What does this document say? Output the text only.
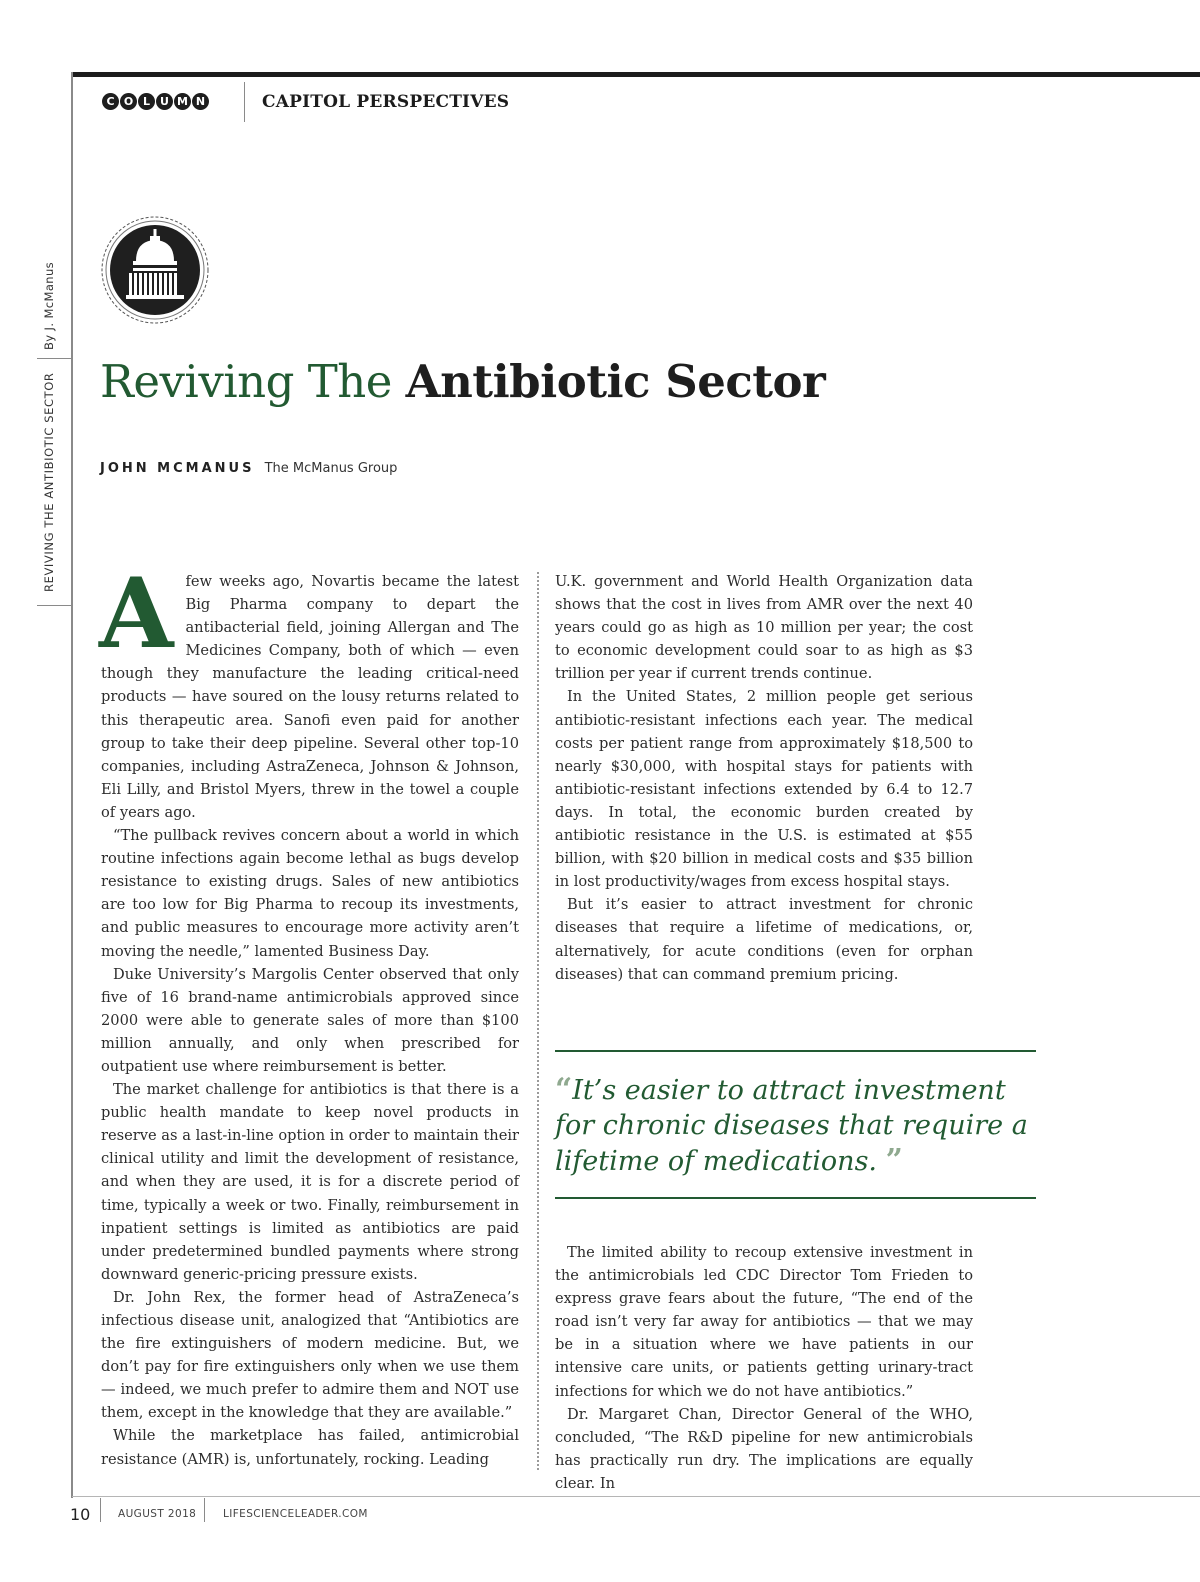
C O L U M N	CAPITOL PERSPECTIVES
By J. McManus
REVIVING THE ANTIBIOTIC SECTOR Reviving The Antibiotic Sector
JOHN MCMANUS The McManus Group

Afew weeks ago, Novartis became the latest Big Pharma company to depart the antibacterial field, joining Allergan and The Medicines Company, both of which — even though they manufacture the leading critical-need products — have soured on the lousy returns related to this therapeutic area. Sanofi even paid for another group to take their deep pipeline. Several other top-10 companies, including AstraZeneca, Johnson & Johnson, Eli Lilly, and Bristol Myers, threw in the towel a couple of years ago.

“The pullback revives concern about a world in which routine infections again become lethal as bugs develop resistance to existing drugs. Sales of new antibiotics are too low for Big Pharma to recoup its investments, and public measures to encourage more activity aren’t moving the needle,” lamented Business Day.

Duke University’s Margolis Center observed that only five of 16 brand-name antimicrobials approved since 2000 were able to generate sales of more than $100 million annually, and only when prescribed for outpatient use where reimbursement is better.

The market challenge for antibiotics is that there is a public health mandate to keep novel products in reserve as a last-in-line option in order to maintain their clinical utility and limit the development of resistance, and when they are used, it is for a discrete period of time, typically a week or two. Finally, reimbursement in inpatient settings is limited as antibiotics are paid under predetermined bundled payments where strong downward generic-pricing pressure exists.

Dr. John Rex, the former head of AstraZeneca’s infectious disease unit, analogized that “Antibiotics are the fire extinguishers of modern medicine. But, we don’t pay for fire extinguishers only when we use them — indeed, we much prefer to admire them and NOT use them, except in the knowledge that they are available.”

While the marketplace has failed, antimicrobial resistance (AMR) is, unfortunately, rocking. Leading

U.K. government and World Health Organization data shows that the cost in lives from AMR over the next 40 years could go as high as 10 million per year; the cost to economic development could soar to as high as $3 trillion per year if current trends continue.

In the United States, 2 million people get serious antibiotic-resistant infections each year. The medical costs per patient range from approximately $18,500 to nearly $30,000, with hospital stays for patients with antibiotic-resistant infections extended by 6.4 to 12.7 days. In total, the economic burden created by antibiotic resistance in the U.S. is estimated at $55 billion, with $20 billion in medical costs and $35 billion in lost productivity/wages from excess hospital stays.

But it’s easier to attract investment for chronic diseases that require a lifetime of medications, or, alternatively, for acute conditions (even for orphan diseases) that can command premium pricing.

“It’s easier to attract investment for chronic diseases that require a lifetime of medications. ”

The limited ability to recoup extensive investment in the antimicrobials led CDC Director Tom Frieden to express grave fears about the future, “The end of the road isn’t very far away for antibiotics — that we may be in a situation where we have patients in our intensive care units, or patients getting urinary-tract infections for which we do not have antibiotics.”

Dr. Margaret Chan, Director General of the WHO, concluded, “The R&D pipeline for new antimicrobials has practically run dry. The implications are equally clear. In

10	AUGUST 2018	LIFESCIENCELEADER.COM
